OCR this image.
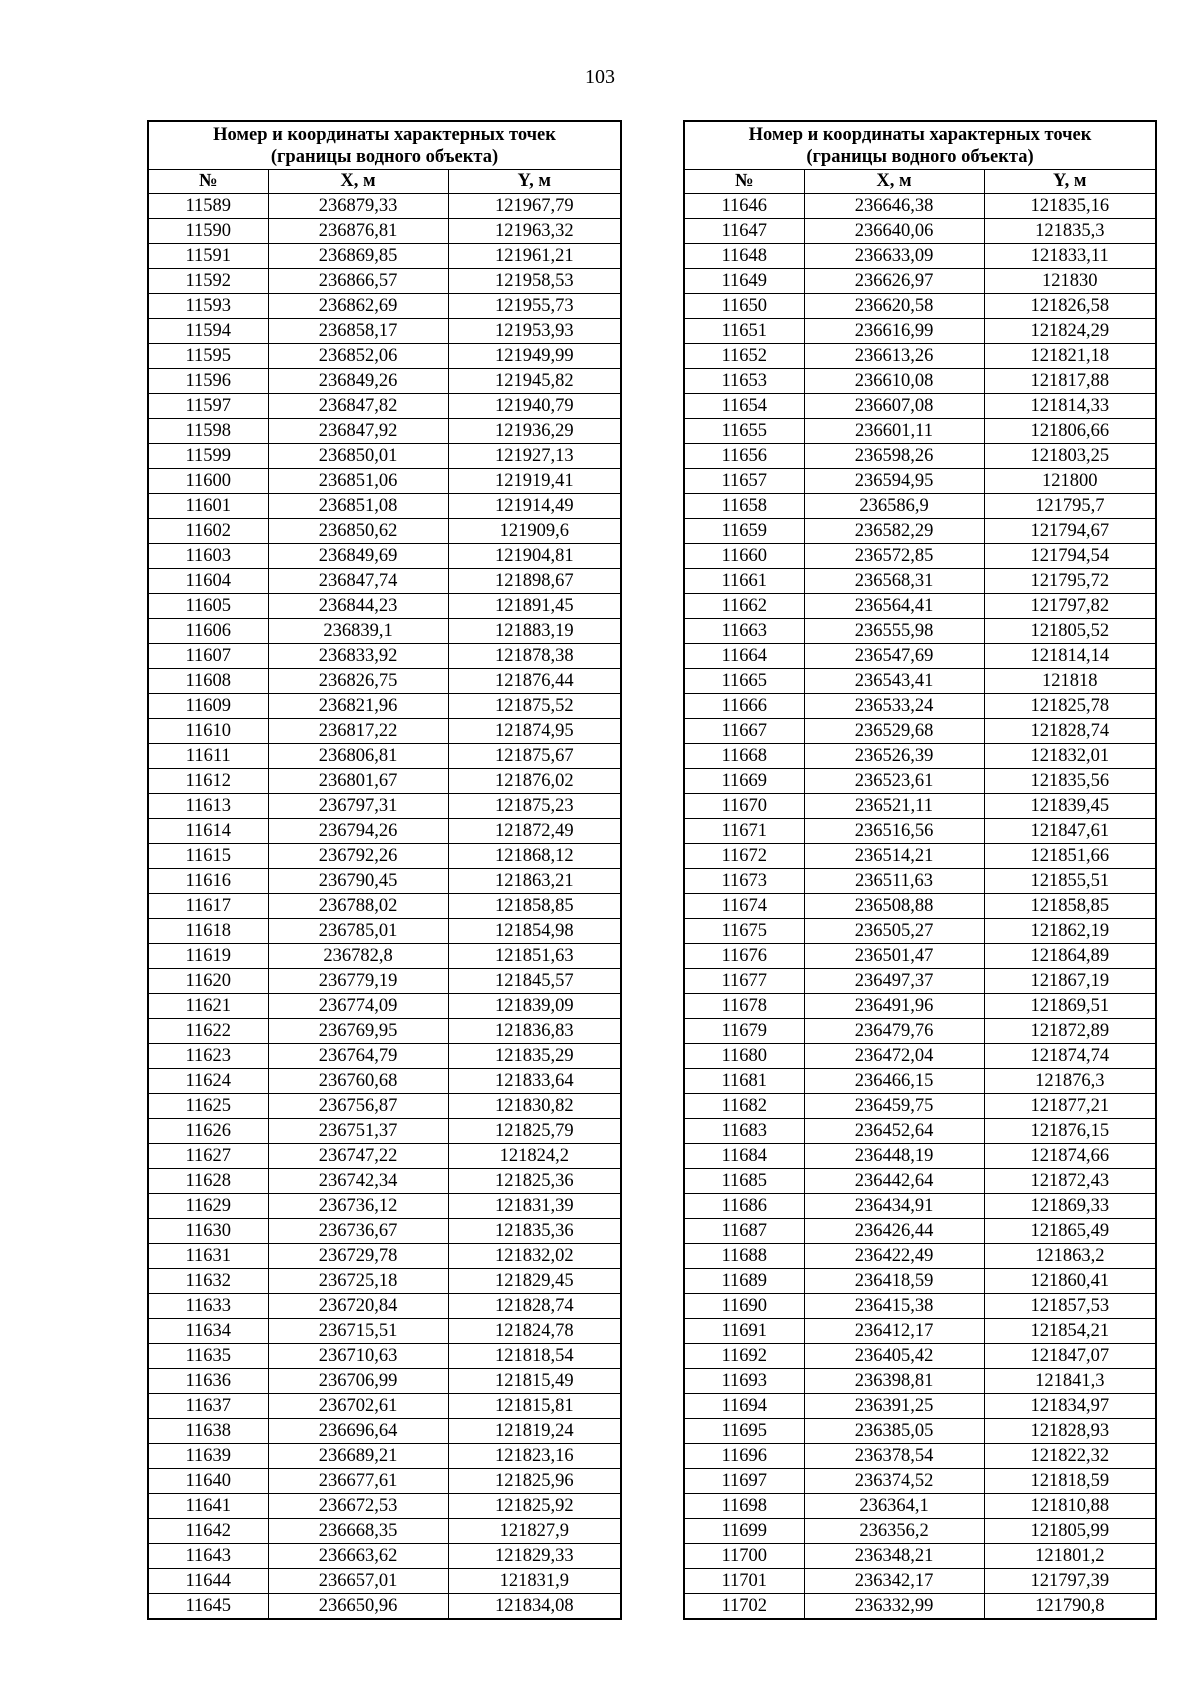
103
Номер и координаты характерных точек
(границы водного объекта)		
№	X, м	Y, м
11589	236879,33	121967,79
11590	236876,81	121963,32
11591	236869,85	121961,21
11592	236866,57	121958,53
11593	236862,69	121955,73
11594	236858,17	121953,93
11595	236852,06	121949,99
11596	236849,26	121945,82
11597	236847,82	121940,79
11598	236847,92	121936,29
11599	236850,01	121927,13
11600	236851,06	121919,41
11601	236851,08	121914,49
11602	236850,62	121909,6
11603	236849,69	121904,81
11604	236847,74	121898,67
11605	236844,23	121891,45
11606	236839,1	121883,19
11607	236833,92	121878,38
11608	236826,75	121876,44
11609	236821,96	121875,52
11610	236817,22	121874,95
11611	236806,81	121875,67
11612	236801,67	121876,02
11613	236797,31	121875,23
11614	236794,26	121872,49
11615	236792,26	121868,12
11616	236790,45	121863,21
11617	236788,02	121858,85
11618	236785,01	121854,98
11619	236782,8	121851,63
11620	236779,19	121845,57
11621	236774,09	121839,09
11622	236769,95	121836,83
11623	236764,79	121835,29
11624	236760,68	121833,64
11625	236756,87	121830,82
11626	236751,37	121825,79
11627	236747,22	121824,2
11628	236742,34	121825,36
11629	236736,12	121831,39
11630	236736,67	121835,36
11631	236729,78	121832,02
11632	236725,18	121829,45
11633	236720,84	121828,74
11634	236715,51	121824,78
11635	236710,63	121818,54
11636	236706,99	121815,49
11637	236702,61	121815,81
11638	236696,64	121819,24
11639	236689,21	121823,16
11640	236677,61	121825,96
11641	236672,53	121825,92
11642	236668,35	121827,9
11643	236663,62	121829,33
11644	236657,01	121831,9
11645	236650,96	121834,08
Номер и координаты характерных точек
(границы водного объекта)		
№	X, м	Y, м
11646	236646,38	121835,16
11647	236640,06	121835,3
11648	236633,09	121833,11
11649	236626,97	121830
11650	236620,58	121826,58
11651	236616,99	121824,29
11652	236613,26	121821,18
11653	236610,08	121817,88
11654	236607,08	121814,33
11655	236601,11	121806,66
11656	236598,26	121803,25
11657	236594,95	121800
11658	236586,9	121795,7
11659	236582,29	121794,67
11660	236572,85	121794,54
11661	236568,31	121795,72
11662	236564,41	121797,82
11663	236555,98	121805,52
11664	236547,69	121814,14
11665	236543,41	121818
11666	236533,24	121825,78
11667	236529,68	121828,74
11668	236526,39	121832,01
11669	236523,61	121835,56
11670	236521,11	121839,45
11671	236516,56	121847,61
11672	236514,21	121851,66
11673	236511,63	121855,51
11674	236508,88	121858,85
11675	236505,27	121862,19
11676	236501,47	121864,89
11677	236497,37	121867,19
11678	236491,96	121869,51
11679	236479,76	121872,89
11680	236472,04	121874,74
11681	236466,15	121876,3
11682	236459,75	121877,21
11683	236452,64	121876,15
11684	236448,19	121874,66
11685	236442,64	121872,43
11686	236434,91	121869,33
11687	236426,44	121865,49
11688	236422,49	121863,2
11689	236418,59	121860,41
11690	236415,38	121857,53
11691	236412,17	121854,21
11692	236405,42	121847,07
11693	236398,81	121841,3
11694	236391,25	121834,97
11695	236385,05	121828,93
11696	236378,54	121822,32
11697	236374,52	121818,59
11698	236364,1	121810,88
11699	236356,2	121805,99
11700	236348,21	121801,2
11701	236342,17	121797,39
11702	236332,99	121790,8
